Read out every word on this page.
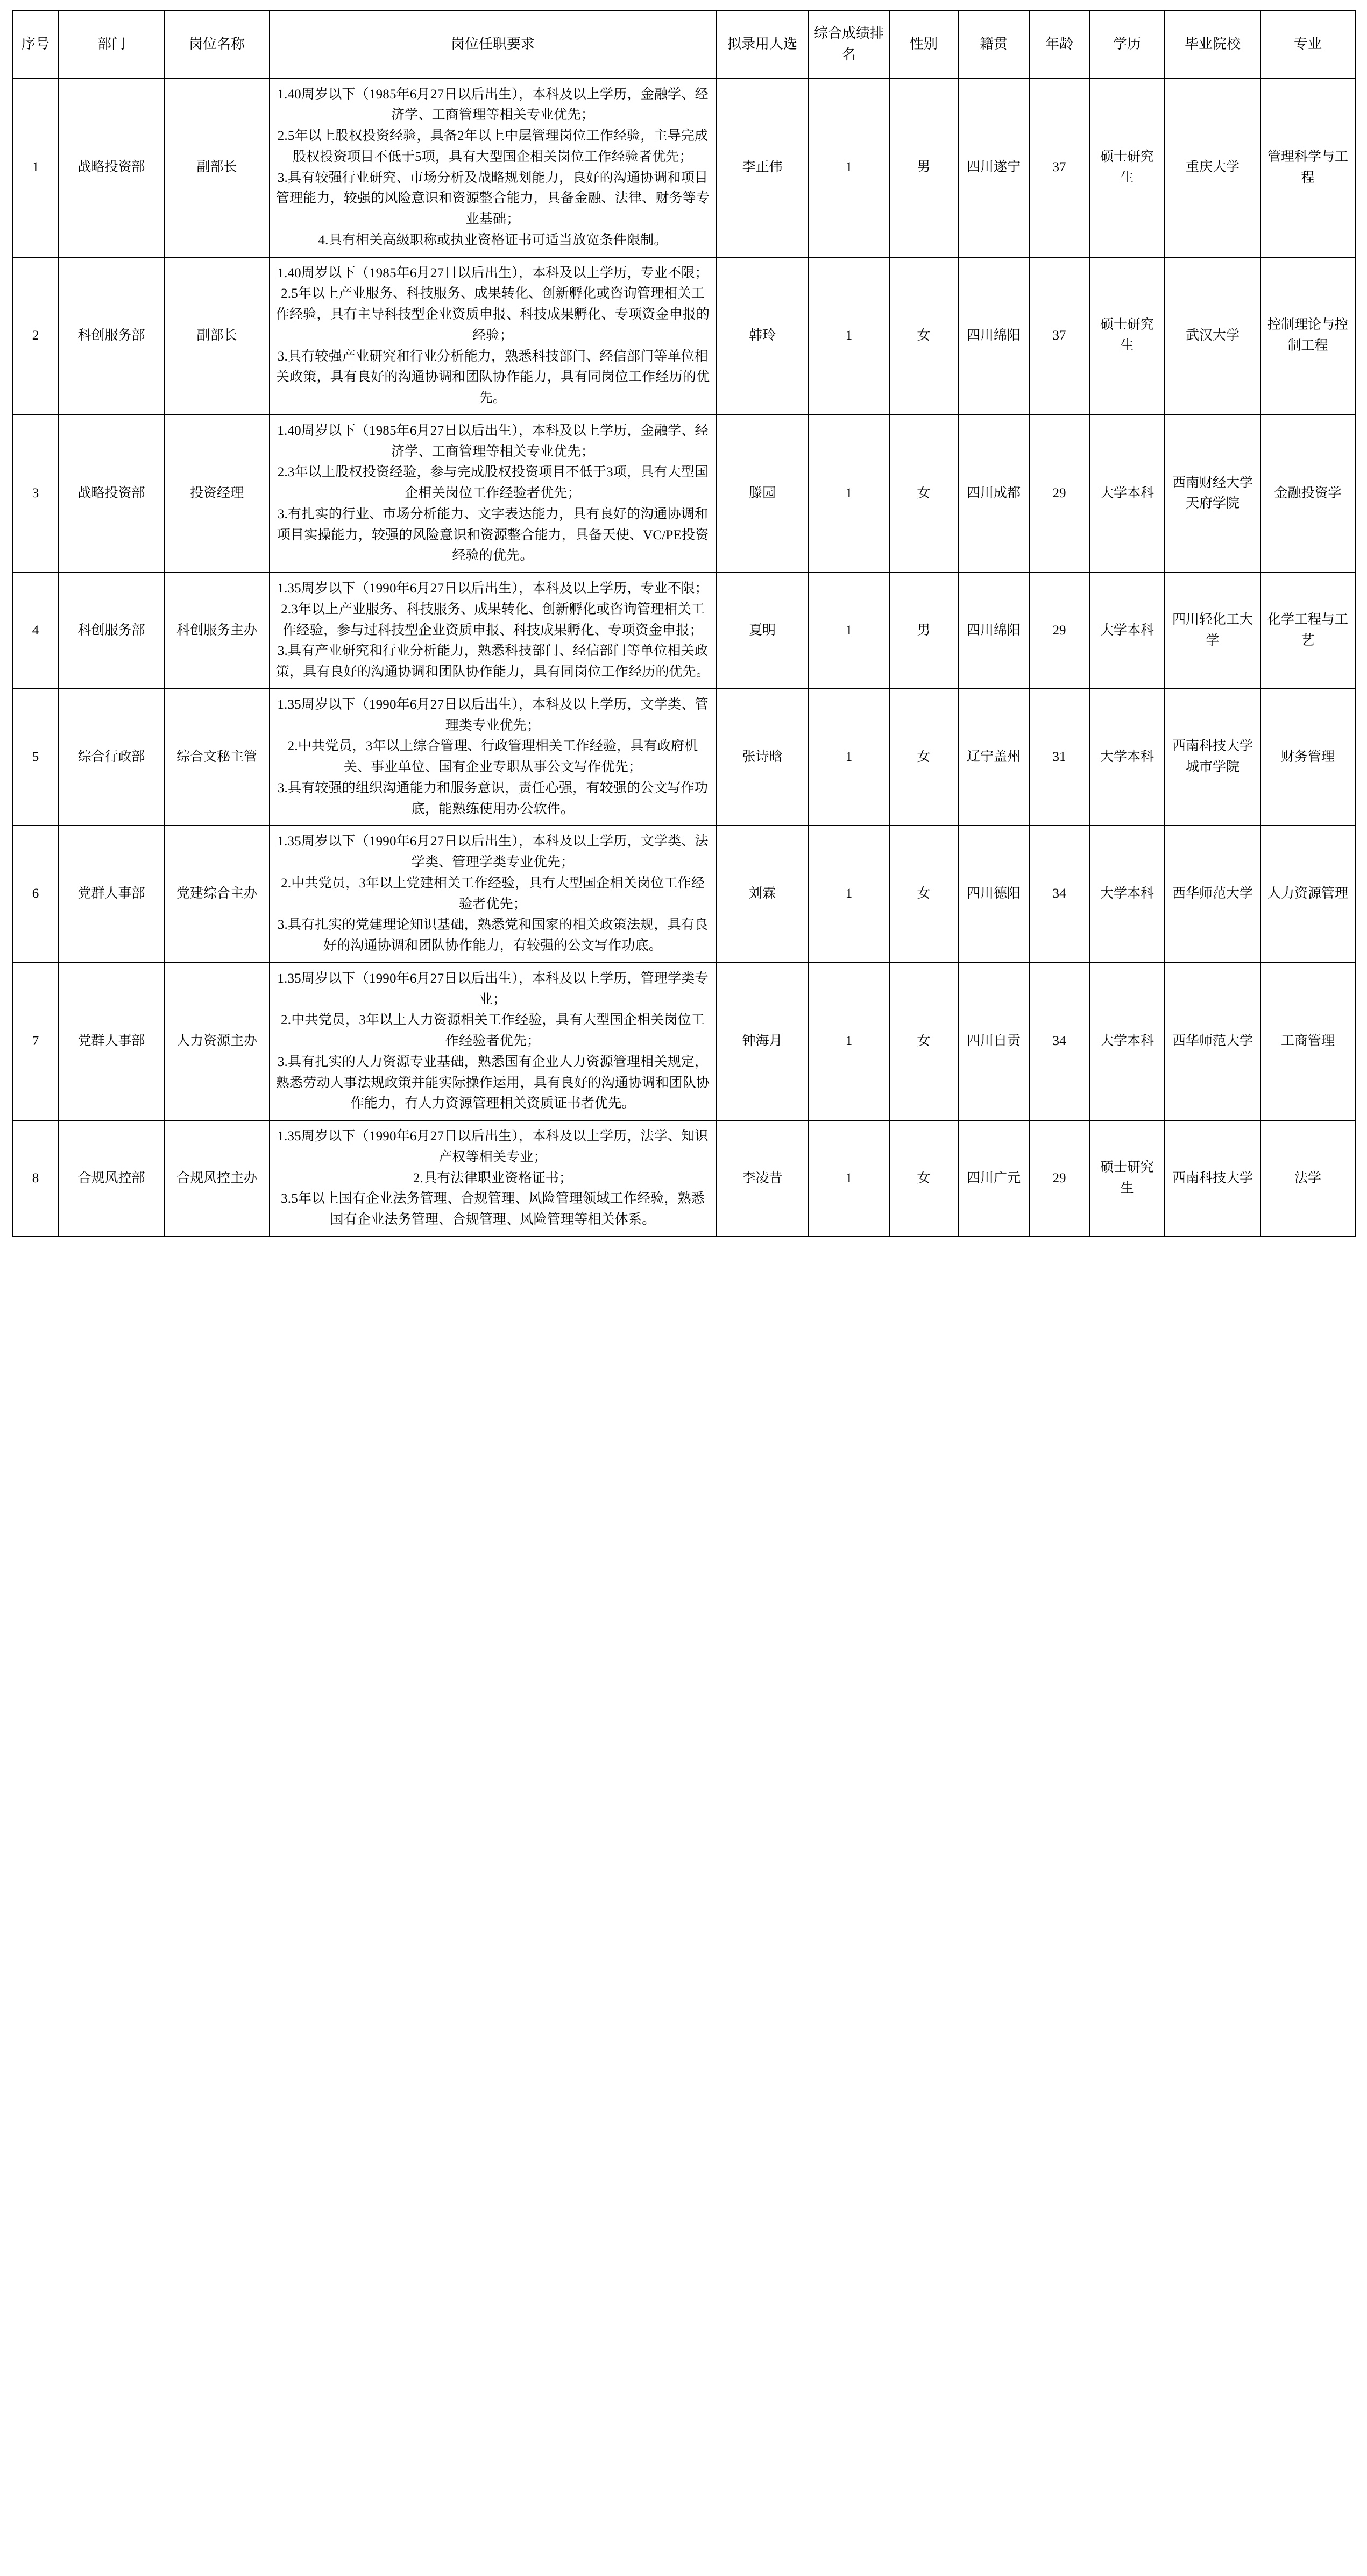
序号	部门	岗位名称	岗位任职要求	拟录用人选	综合成绩排名	性别	籍贯	年龄	学历	毕业院校	专业
1	战略投资部	副部长	1.40周岁以下（1985年6月27日以后出生），本科及以上学历，金融学、经济学、工商管理等相关专业优先；
2.5年以上股权投资经验，具备2年以上中层管理岗位工作经验，主导完成股权投资项目不低于5项，具有大型国企相关岗位工作经验者优先；
3.具有较强行业研究、市场分析及战略规划能力，良好的沟通协调和项目管理能力，较强的风险意识和资源整合能力，具备金融、法律、财务等专业基础；
4.具有相关高级职称或执业资格证书可适当放宽条件限制。	李正伟	1	男	四川遂宁	37	硕士研究生	重庆大学	管理科学与工程
2	科创服务部	副部长	1.40周岁以下（1985年6月27日以后出生），本科及以上学历，专业不限；
2.5年以上产业服务、科技服务、成果转化、创新孵化或咨询管理相关工作经验，具有主导科技型企业资质申报、科技成果孵化、专项资金申报的经验；
3.具有较强产业研究和行业分析能力，熟悉科技部门、经信部门等单位相关政策，具有良好的沟通协调和团队协作能力，具有同岗位工作经历的优先。	韩玲	1	女	四川绵阳	37	硕士研究生	武汉大学	控制理论与控制工程
3	战略投资部	投资经理	1.40周岁以下（1985年6月27日以后出生），本科及以上学历，金融学、经济学、工商管理等相关专业优先；
2.3年以上股权投资经验，参与完成股权投资项目不低于3项，具有大型国企相关岗位工作经验者优先；
3.有扎实的行业、市场分析能力、文字表达能力，具有良好的沟通协调和项目实操能力，较强的风险意识和资源整合能力，具备天使、VC/PE投资经验的优先。	滕园	1	女	四川成都	29	大学本科	西南财经大学天府学院	金融投资学
4	科创服务部	科创服务主办	1.35周岁以下（1990年6月27日以后出生），本科及以上学历，专业不限；
2.3年以上产业服务、科技服务、成果转化、创新孵化或咨询管理相关工作经验，参与过科技型企业资质申报、科技成果孵化、专项资金申报；
3.具有产业研究和行业分析能力，熟悉科技部门、经信部门等单位相关政策，具有良好的沟通协调和团队协作能力，具有同岗位工作经历的优先。	夏明	1	男	四川绵阳	29	大学本科	四川轻化工大学	化学工程与工艺
5	综合行政部	综合文秘主管	1.35周岁以下（1990年6月27日以后出生），本科及以上学历，文学类、管理类专业优先；
2.中共党员，3年以上综合管理、行政管理相关工作经验，具有政府机关、事业单位、国有企业专职从事公文写作优先；
3.具有较强的组织沟通能力和服务意识，责任心强，有较强的公文写作功底，能熟练使用办公软件。	张诗晗	1	女	辽宁盖州	31	大学本科	西南科技大学城市学院	财务管理
6	党群人事部	党建综合主办	1.35周岁以下（1990年6月27日以后出生），本科及以上学历，文学类、法学类、管理学类专业优先；
2.中共党员，3年以上党建相关工作经验，具有大型国企相关岗位工作经验者优先；
3.具有扎实的党建理论知识基础，熟悉党和国家的相关政策法规，具有良好的沟通协调和团队协作能力，有较强的公文写作功底。	刘霖	1	女	四川德阳	34	大学本科	西华师范大学	人力资源管理
7	党群人事部	人力资源主办	1.35周岁以下（1990年6月27日以后出生），本科及以上学历，管理学类专业；
2.中共党员，3年以上人力资源相关工作经验，具有大型国企相关岗位工作经验者优先；
3.具有扎实的人力资源专业基础，熟悉国有企业人力资源管理相关规定，熟悉劳动人事法规政策并能实际操作运用，具有良好的沟通协调和团队协作能力，有人力资源管理相关资质证书者优先。	钟海月	1	女	四川自贡	34	大学本科	西华师范大学	工商管理
8	合规风控部	合规风控主办	1.35周岁以下（1990年6月27日以后出生），本科及以上学历，法学、知识产权等相关专业；
2.具有法律职业资格证书；
3.5年以上国有企业法务管理、合规管理、风险管理领域工作经验，熟悉国有企业法务管理、合规管理、风险管理等相关体系。	李凌昔	1	女	四川广元	29	硕士研究生	西南科技大学	法学
